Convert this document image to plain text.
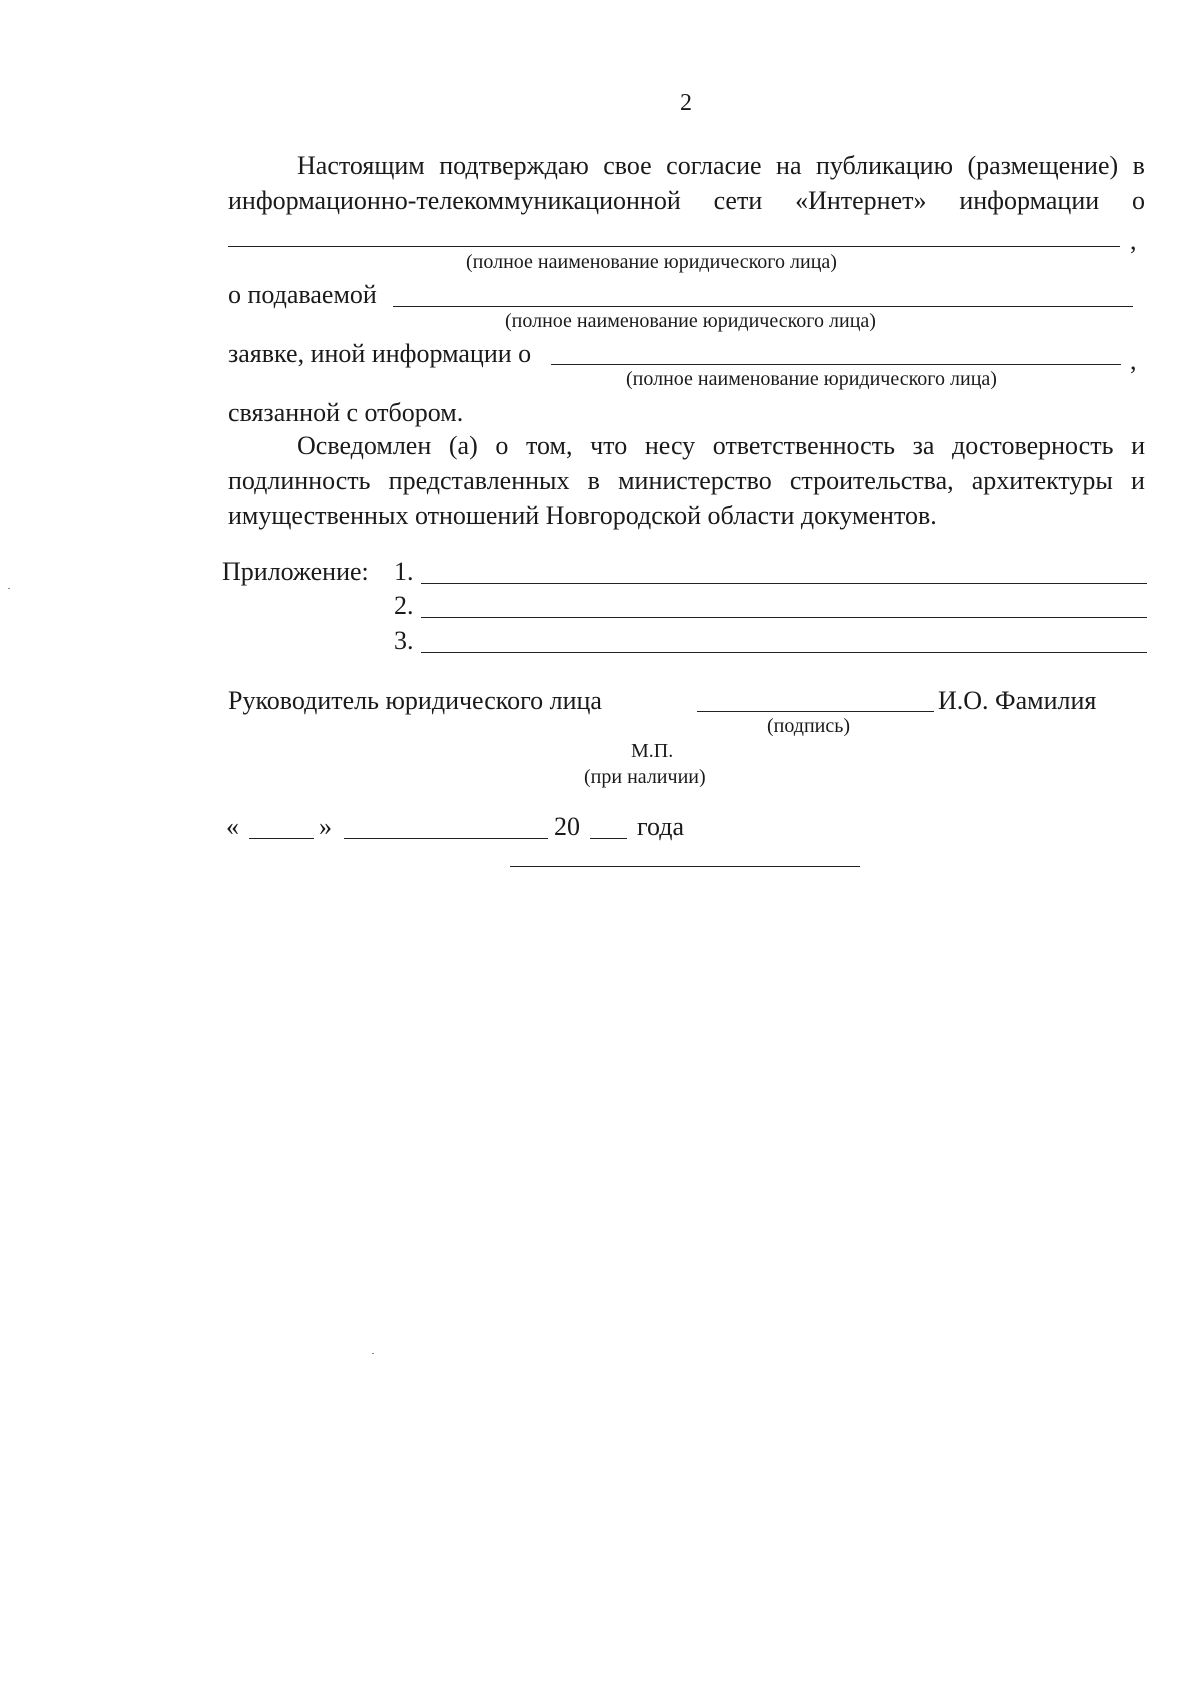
2
Настоящим подтверждаю свое согласие на публикацию (размещение) в
информационно-телекоммуникационной сети «Интернет» информации о
,
(полное наименование юридического лица)
о подаваемой
(полное наименование юридического лица)
заявке, иной информации о	,
(полное наименование юридического лица)
связанной с отбором.
Осведомлен (а) о том, что несу ответственность за достоверность и
подлинность представленных в министерство строительства, архитектуры и
имущественных отношений Новгородской области документов.
Приложение: 1.
2.
3.
Руководитель юридического лица	И.О. Фамилия
(подпись)
М.П.
(при наличии)
«	»	20 года
